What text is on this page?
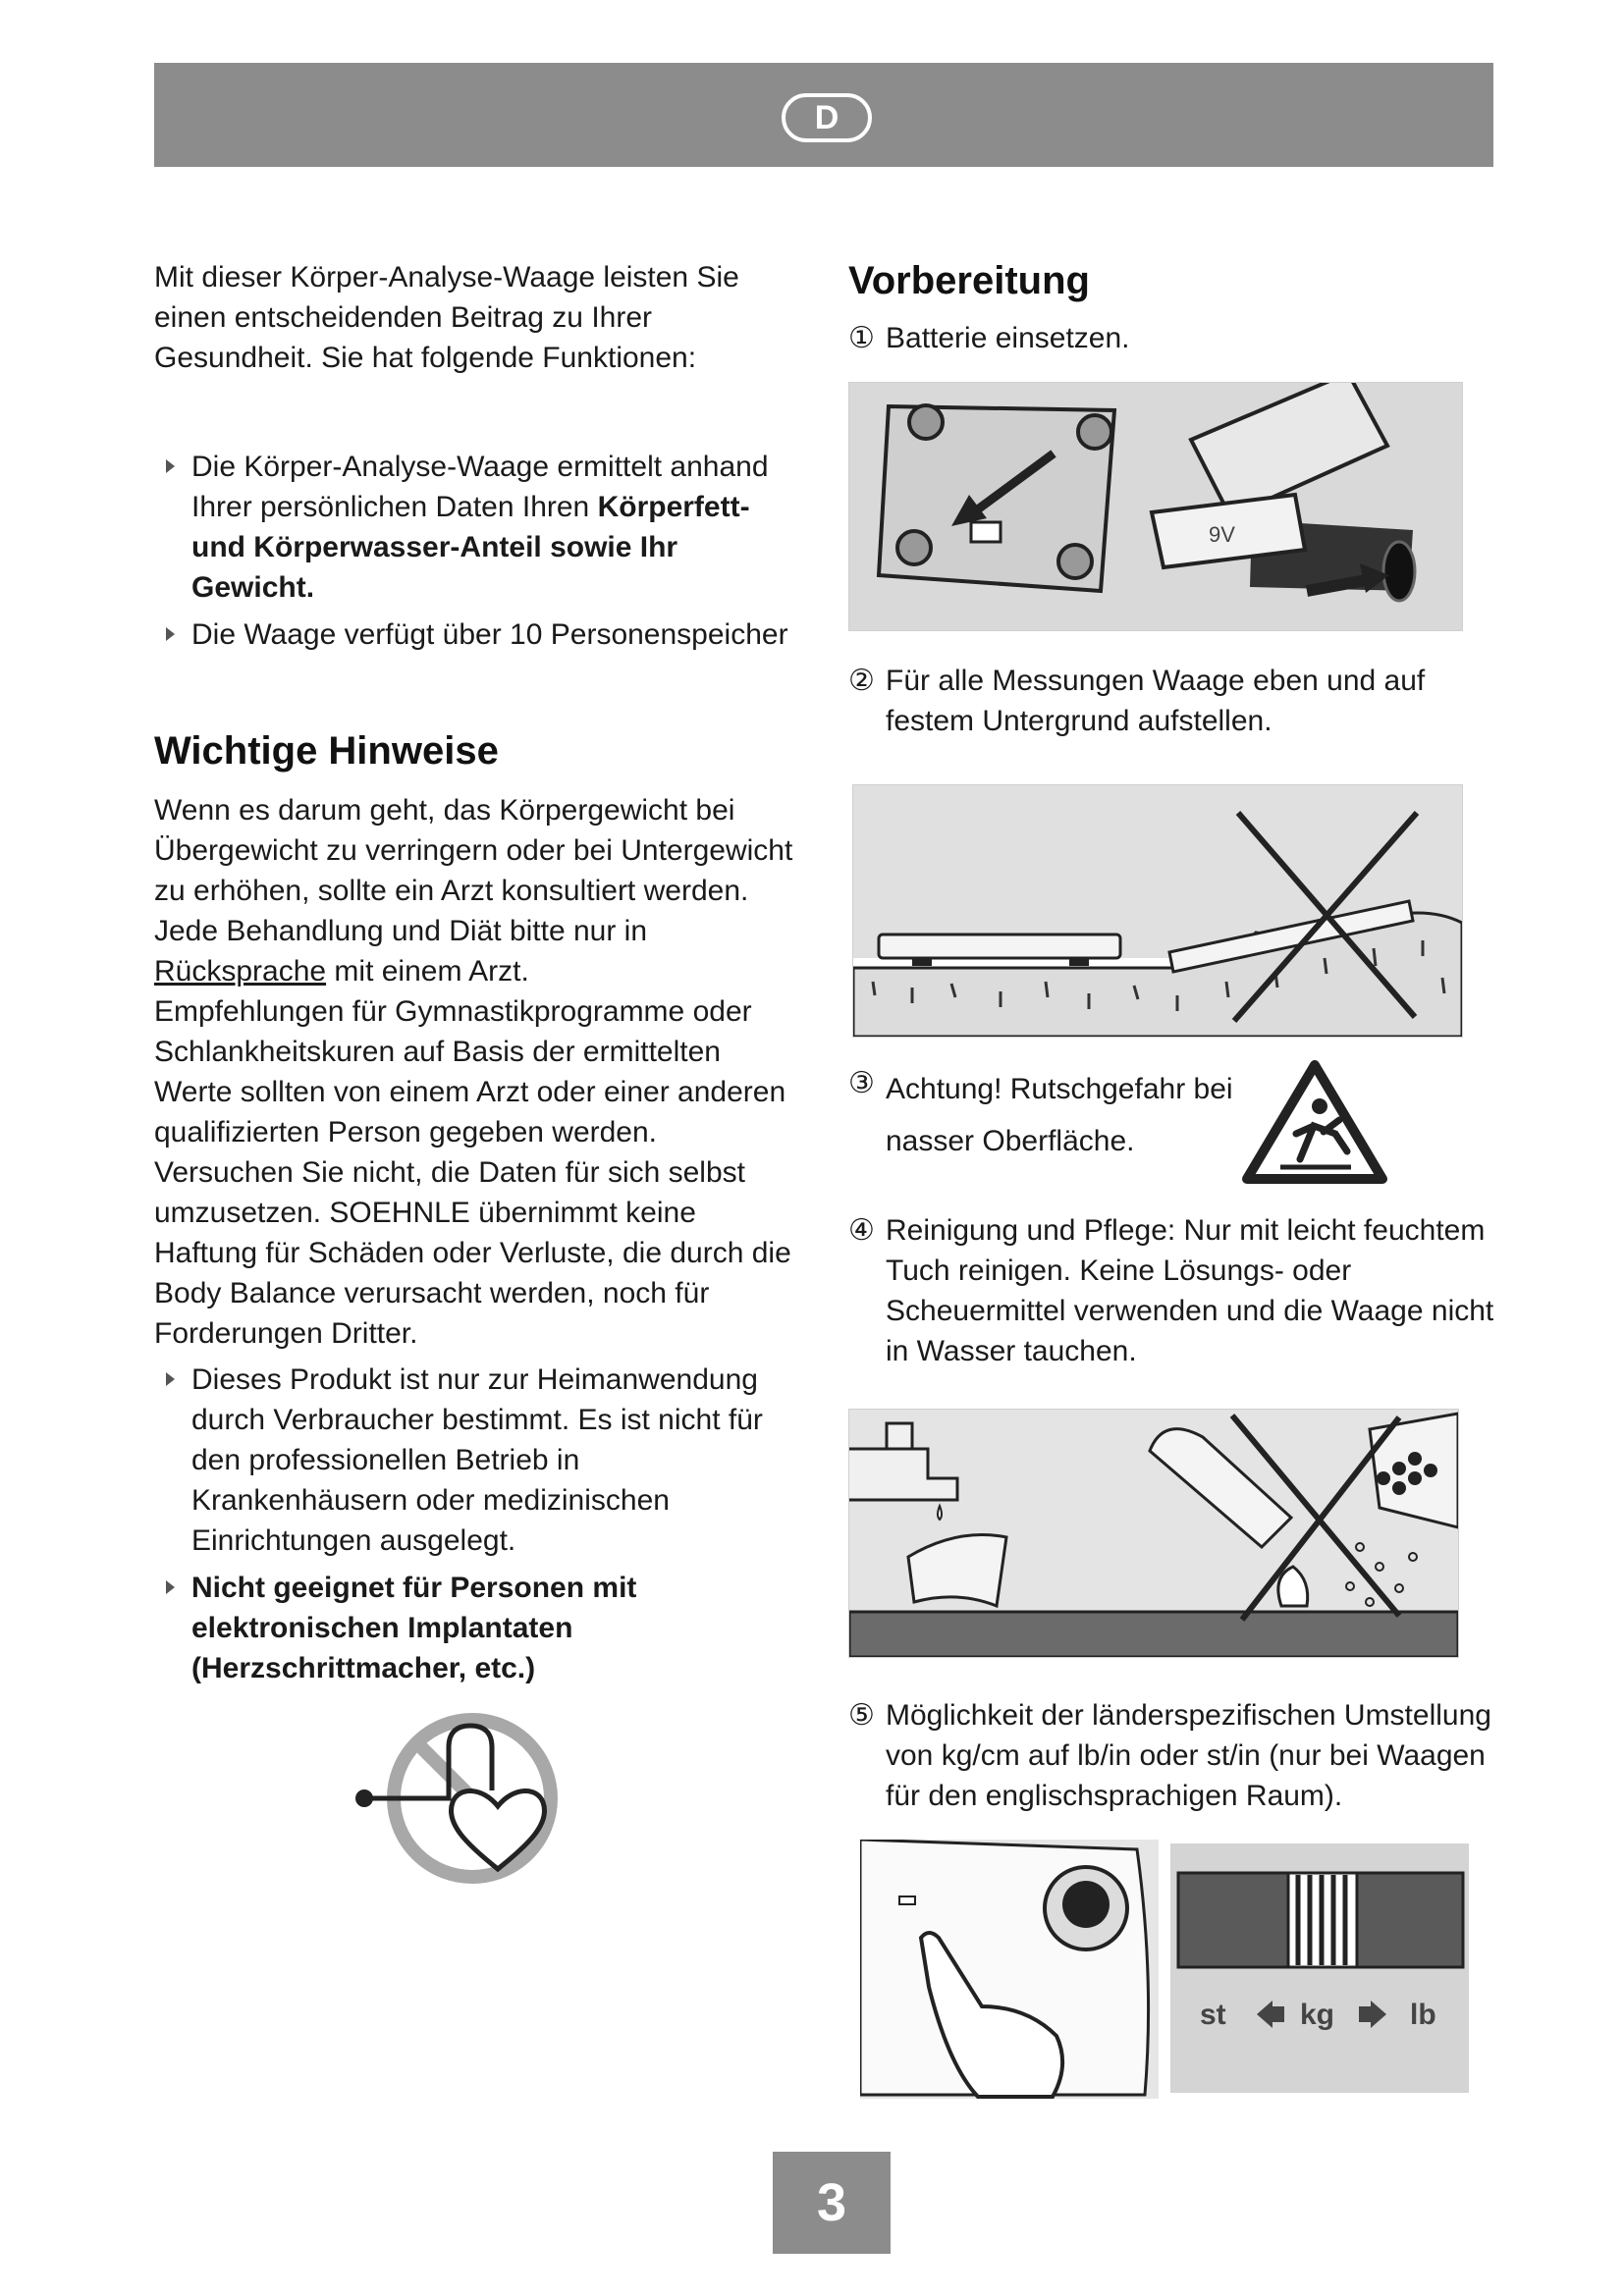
D

Mit dieser Körper-Analyse-Waage leisten Sie einen entscheidenden Beitrag zu Ihrer Gesundheit. Sie hat folgende Funktionen:

Die Körper-Analyse-Waage ermittelt anhand Ihrer persönlichen Daten Ihren Körperfett- und Körperwasser-Anteil sowie Ihr Gewicht.
Die Waage verfügt über 10 Personenspeicher
Wichtige Hinweise

Wenn es darum geht, das Körpergewicht bei Übergewicht zu verringern oder bei Untergewicht zu erhöhen, sollte ein Arzt konsultiert werden. Jede Behandlung und Diät bitte nur in Rücksprache mit einem Arzt.

Empfehlungen für Gymnastikprogramme oder Schlankheitskuren auf Basis der ermittelten Werte sollten von einem Arzt oder einer anderen qualifizierten Person gegeben werden. Versuchen Sie nicht, die Daten für sich selbst umzusetzen. SOEHNLE übernimmt keine Haftung für Schäden oder Verluste, die durch die Body Balance verursacht werden, noch für Forderungen Dritter.

Dieses Produkt ist nur zur Heimanwendung durch Verbraucher bestimmt. Es ist nicht für den professionellen Betrieb in Krankenhäusern oder medizinischen Einrichtungen ausgelegt.
Nicht geeignet für Personen mit elektronischen Implantaten (Herzschrittmacher, etc.)
Vorbereitung
① Batterie einsetzen.
9V
② Für alle Messungen Waage eben und auf festem Untergrund aufstellen.
③ Achtung! Rutschgefahr bei nasser Oberfläche.
④ Reinigung und Pflege: Nur mit leicht feuchtem Tuch reinigen. Keine Lösungs- oder Scheuermittel verwenden und die Waage nicht in Wasser tauchen.
⑤ Möglichkeit der länderspezifischen Umstellung von kg/cm auf lb/in oder st/in (nur bei Waagen für den englischsprachigen Raum).
st	kg	lb
3
